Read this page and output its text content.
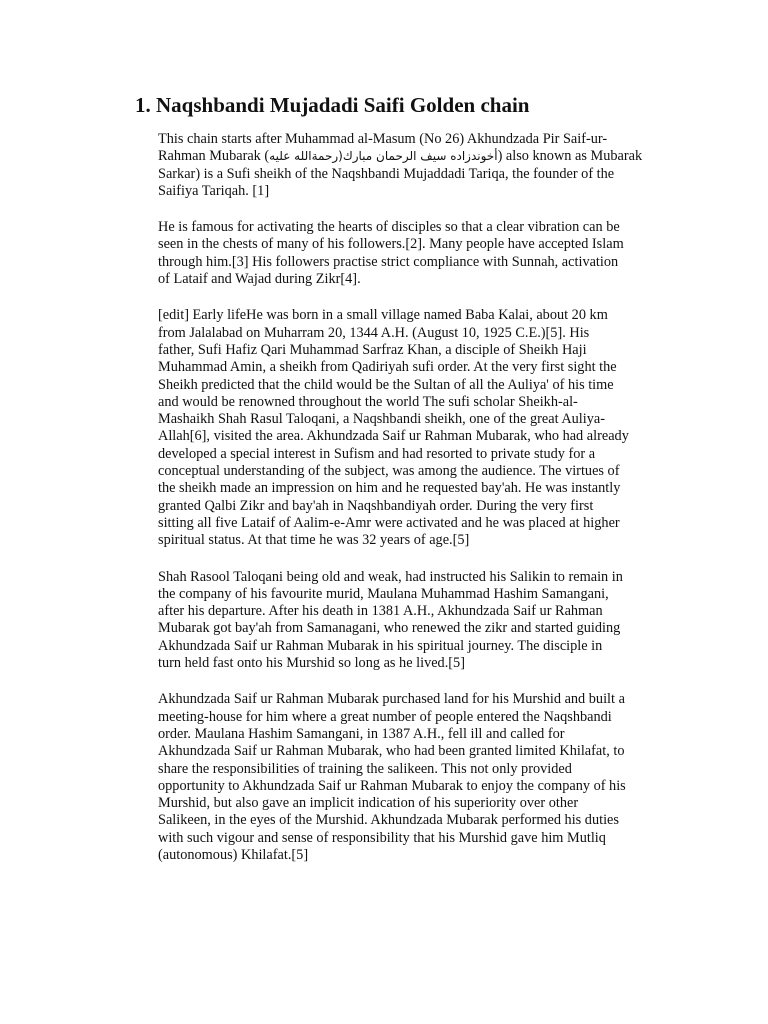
1. Naqshbandi Mujadadi Saifi Golden chain

This chain starts after Muhammad al-Masum (No 26) Akhundzada Pir Saif-ur-
Rahman Mubarak (أخوندزاده سيف الرحمان مبارك(رحمةالله عليه) also known as Mubarak
Sarkar) is a Sufi sheikh of the Naqshbandi Mujaddadi Tariqa, the founder of the
Saifiya Tariqah. [1]

He is famous for activating the hearts of disciples so that a clear vibration can be
seen in the chests of many of his followers.[2]. Many people have accepted Islam
through him.[3] His followers practise strict compliance with Sunnah, activation
of Lataif and Wajad during Zikr[4].

[edit] Early lifeHe was born in a small village named Baba Kalai, about 20 km
from Jalalabad on Muharram 20, 1344 A.H. (August 10, 1925 C.E.)[5]. His
father, Sufi Hafiz Qari Muhammad Sarfraz Khan, a disciple of Sheikh Haji
Muhammad Amin, a sheikh from Qadiriyah sufi order. At the very first sight the
Sheikh predicted that the child would be the Sultan of all the Auliya' of his time
and would be renowned throughout the world The sufi scholar Sheikh-al-
Mashaikh Shah Rasul Taloqani, a Naqshbandi sheikh, one of the great Auliya-
Allah[6], visited the area. Akhundzada Saif ur Rahman Mubarak, who had already
developed a special interest in Sufism and had resorted to private study for a
conceptual understanding of the subject, was among the audience. The virtues of
the sheikh made an impression on him and he requested bay'ah. He was instantly
granted Qalbi Zikr and bay'ah in Naqshbandiyah order. During the very first
sitting all five Lataif of Aalim-e-Amr were activated and he was placed at higher
spiritual status. At that time he was 32 years of age.[5]

Shah Rasool Taloqani being old and weak, had instructed his Salikin to remain in
the company of his favourite murid, Maulana Muhammad Hashim Samangani,
after his departure. After his death in 1381 A.H., Akhundzada Saif ur Rahman
Mubarak got bay'ah from Samanagani, who renewed the zikr and started guiding
Akhundzada Saif ur Rahman Mubarak in his spiritual journey. The disciple in
turn held fast onto his Murshid so long as he lived.[5]

Akhundzada Saif ur Rahman Mubarak purchased land for his Murshid and built a
meeting-house for him where a great number of people entered the Naqshbandi
order. Maulana Hashim Samangani, in 1387 A.H., fell ill and called for
Akhundzada Saif ur Rahman Mubarak, who had been granted limited Khilafat, to
share the responsibilities of training the salikeen. This not only provided
opportunity to Akhundzada Saif ur Rahman Mubarak to enjoy the company of his
Murshid, but also gave an implicit indication of his superiority over other
Salikeen, in the eyes of the Murshid. Akhundzada Mubarak performed his duties
with such vigour and sense of responsibility that his Murshid gave him Mutliq
(autonomous) Khilafat.[5]
